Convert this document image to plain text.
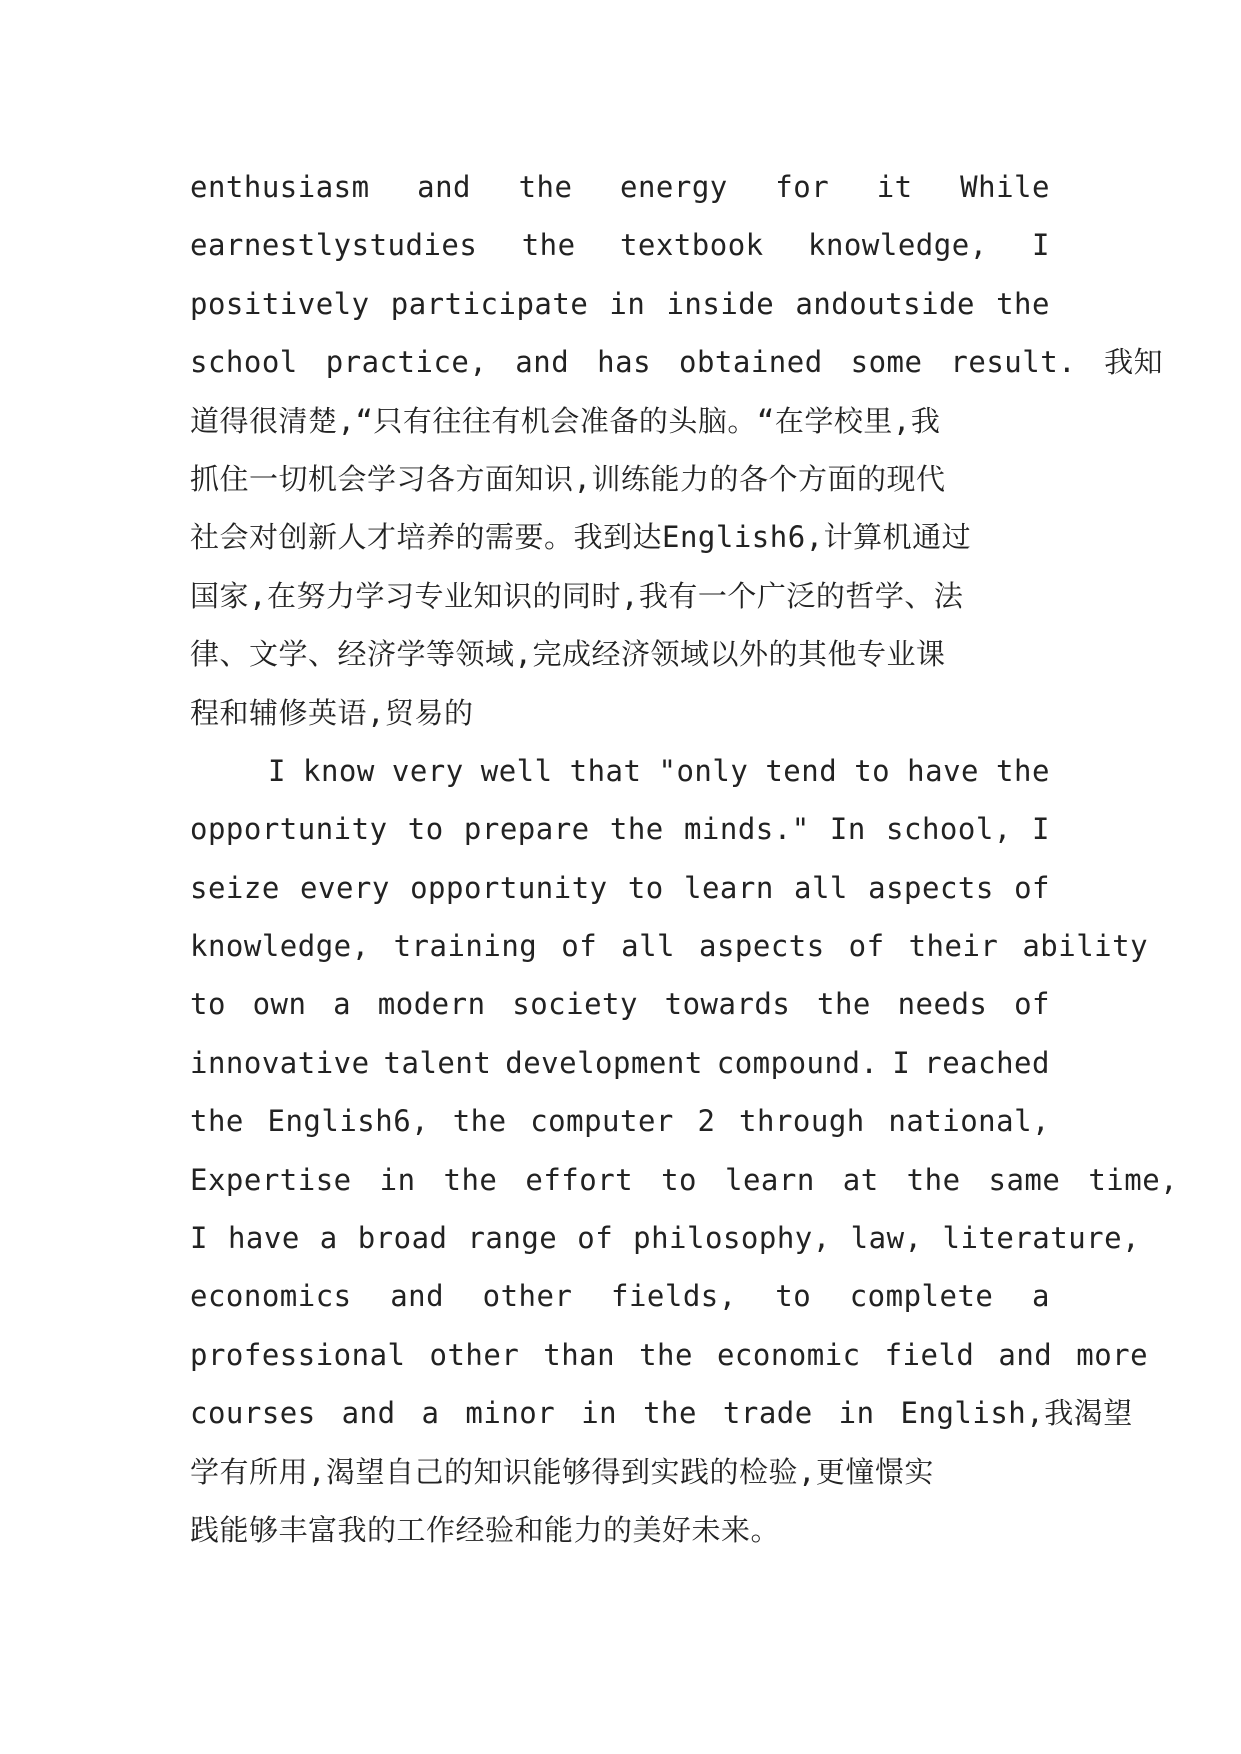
enthusiasm and the energy for it While
earnestlystudies the textbook knowledge, I
positively participate in inside andoutside the
school practice, and has obtained some result. 我知
道得很清楚,“只有往往有机会准备的头脑。“在学校里,我
抓住一切机会学习各方面知识,训练能力的各个方面的现代
社会对创新人才培养的需要。我到达English6,计算机通过
国家,在努力学习专业知识的同时,我有一个广泛的哲学、法
律、文学、经济学等领域,完成经济领域以外的其他专业课
程和辅修英语,贸易的
I know very well that "only tend to have the
opportunity to prepare the minds." In school, I
seize every opportunity to learn all aspects of
knowledge, training of all aspects of their ability
to own a modern society towards the needs of
innovative talent development compound. I reached
the English6, the computer 2 through national,
Expertise in the effort to learn at the same time,
I have a broad range of philosophy, law, literature,
economics and other fields, to complete a
professional other than the economic field and more
courses and a minor in the trade in English,我渴望
学有所用,渴望自己的知识能够得到实践的检验,更憧憬实
践能够丰富我的工作经验和能力的美好未来。
